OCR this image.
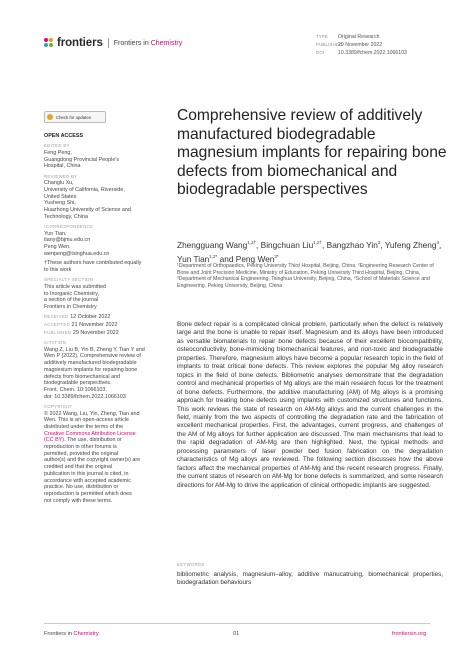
frontiers Frontiers in Chemistry
TYPE Original Research
PUBLISHED29 November 2022
DOI	10.3389/fchem.2022.1066103
Check for updates
OPEN ACCESS
EDITED BY
Feng Peng,
Guangdong Provincial People's
Hospital, China
REVIEWED BY
Changlu Xu,
University of California, Riverside,
United States
Yusheng Shi,
Huazhong University of Science and
Technology, China
*CORRESPONDENCE
Yun Tian,
tiany@bjmu.edu.cn
Peng Wen,
wenpeng@tsinghua.edu.cn
†These authors have contributed equally
to this work
SPECIALTY SECTION
This article was submitted
to Inorganic Chemistry,
a section of the journal
Frontiers in Chemistry
RECEIVED 12 October 2022
ACCEPTED 21 November 2022
PUBLISHED 29 November 2022
CITATION
Wang Z, Liu B, Yin B, Zheng Y, Tian Y and
Wen P (2022), Comprehensive review of
additively manufactured biodegradable
magnesium implants for repairing bone
defects from biomechanical and
biodegradable perspectives.
Front. Chem. 10:1066103.
doi: 10.3389/fchem.2022.1066103
COPYRIGHT
© 2022 Wang, Liu, Yin, Zheng, Tian and
Wen. This is an open-access article
distributed under the terms of the
Creative Commons Attribution License
(CC BY). The use, distribution or
reproduction in other forums is
permitted, provided the original
author(s) and the copyright owner(s) are
credited and that the original
publication in this journal is cited, in
accordance with accepted academic
practice. No use, distribution or
reproduction is permitted which does
not comply with these terms.
Comprehensive review of additively manufactured biodegradable magnesium implants for repairing bone defects from biomechanical and biodegradable perspectives
Zhengguang Wang$^{1,2\dagger}$, Bingchuan Liu$^{1,2\dagger}$, Bangzhao Yin$^3$, Yufeng Zheng$^4$, Yun Tian$^{1,2*}$ and Peng Wen$^{3*}$
¹Department of Orthopaedics, Peking University Third Hospital, Beijing, China, ²Engineering Research Center of Bone and Joint Precision Medicine, Ministry of Education, Peking University Third Hospital, Beijing, China, ³Department of Mechanical Engineering, Tsinghua University, Beijing, China, ⁴School of Materials Science and Engineering, Peking University, Beijing, China

Bone defect repair is a complicated clinical problem, particularly when the defect is relatively large and the bone is unable to repair itself. Magnesium and its alloys have been introduced as versatile biomaterials to repair bone defects because of their excellent biocompatibility, osteoconductivity, bone-mimicking biomechanical features, and non-toxic and biodegradable properties. Therefore, magnesium alloys have become a popular research topic in the field of implants to treat critical bone defects. This review explores the popular Mg alloy research topics in the field of bone defects. Bibliometric analyses demonstrate that the degradation control and mechanical properties of Mg alloys are the main research focus for the treatment of bone defects. Furthermore, the additive manufacturing (AM) of Mg alloys is a promising approach for treating bone defects using implants with customized structures and functions. This work reviews the state of research on AM-Mg alloys and the current challenges in the field, mainly from the two aspects of controlling the degradation rate and the fabrication of excellent mechanical properties. First, the advantages, current progress, and challenges of the AM of Mg alloys for further application are discussed. The main mechanisms that lead to the rapid degradation of AM-Mg are then highlighted. Next, the typical methods and processing parameters of laser powder bed fusion fabrication on the degradation characteristics of Mg alloys are reviewed. The following section discusses how the above factors affect the mechanical properties of AM-Mg and the recent research progress. Finally, the current status of research on AM-Mg for bone defects is summarized, and some research directions for AM-Mg to drive the application of clinical orthopedic implants are suggested.

KEYWORDS
bibliometric analysis, magnesium–alloy, additive manucatruing, biomechanical properties, biodegradation behaviours
Frontiers in Chemistry	01	frontiersin.org
